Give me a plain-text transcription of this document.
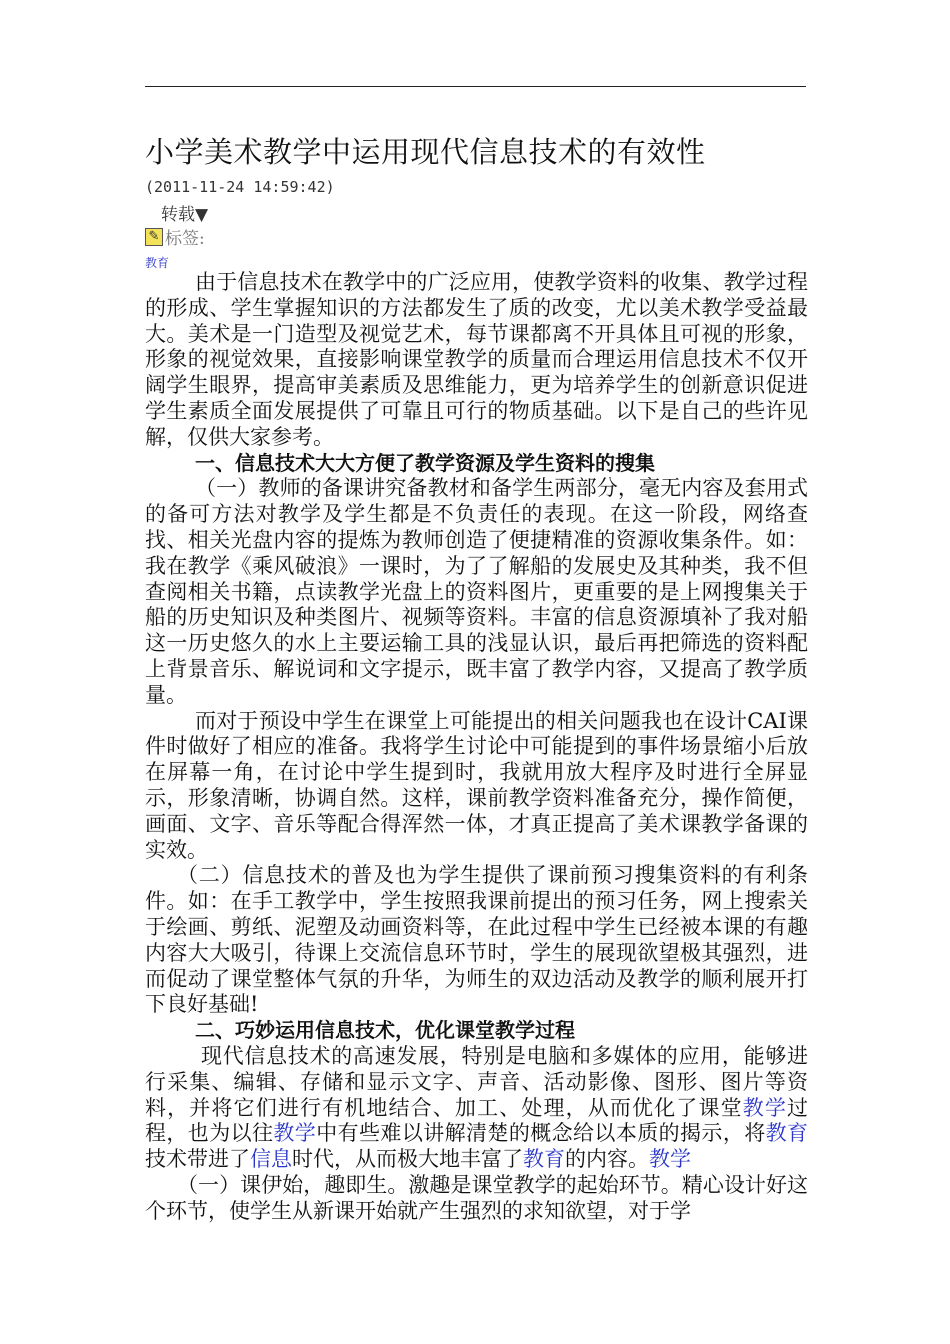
小学美术教学中运用现代信息技术的有效性
(2011-11-24 14:59:42)
转载▼
✎ 标签:
教育

由于信息技术在教学中的广泛应用，使教学资料的收集、教学过程的形成、学生掌握知识的方法都发生了质的改变，尤以美术教学受益最大。美术是一门造型及视觉艺术，每节课都离不开具体且可视的形象，形象的视觉效果，直接影响课堂教学的质量而合理运用信息技术不仅开阔学生眼界，提高审美素质及思维能力，更为培养学生的创新意识促进学生素质全面发展提供了可靠且可行的物质基础。以下是自己的些许见解，仅供大家参考。

一、信息技术大大方便了教学资源及学生资料的搜集

（一）教师的备课讲究备教材和备学生两部分，毫无内容及套用式的备可方法对教学及学生都是不负责任的表现。在这一阶段，网络查找、相关光盘内容的提炼为教师创造了便捷精准的资源收集条件。如：我在教学《乘风破浪》一课时，为了了解船的发展史及其种类，我不但查阅相关书籍，点读教学光盘上的资料图片，更重要的是上网搜集关于船的历史知识及种类图片、视频等资料。丰富的信息资源填补了我对船这一历史悠久的水上主要运输工具的浅显认识，最后再把筛选的资料配上背景音乐、解说词和文字提示，既丰富了教学内容，又提高了教学质量。

而对于预设中学生在课堂上可能提出的相关问题我也在设计CAI课件时做好了相应的准备。我将学生讨论中可能提到的事件场景缩小后放在屏幕一角，在讨论中学生提到时，我就用放大程序及时进行全屏显示，形象清晰，协调自然。这样，课前教学资料准备充分，操作简便，画面、文字、音乐等配合得浑然一体，才真正提高了美术课教学备课的实效。

（二）信息技术的普及也为学生提供了课前预习搜集资料的有利条件。如：在手工教学中，学生按照我课前提出的预习任务，网上搜索关于绘画、剪纸、泥塑及动画资料等，在此过程中学生已经被本课的有趣内容大大吸引，待课上交流信息环节时，学生的展现欲望极其强烈，进而促动了课堂整体气氛的升华，为师生的双边活动及教学的顺利展开打下良好基础!

二、巧妙运用信息技术，优化课堂教学过程

现代信息技术的高速发展，特别是电脑和多媒体的应用，能够进行采集、编辑、存储和显示文字、声音、活动影像、图形、图片等资料，并将它们进行有机地结合、加工、处理，从而优化了课堂教学过程，也为以往教学中有些难以讲解清楚的概念给以本质的揭示，将教育技术带进了信息时代，从而极大地丰富了教育的内容。教学

（一）课伊始，趣即生。激趣是课堂教学的起始环节。精心设计好这个环节，使学生从新课开始就产生强烈的求知欲望，对于学
